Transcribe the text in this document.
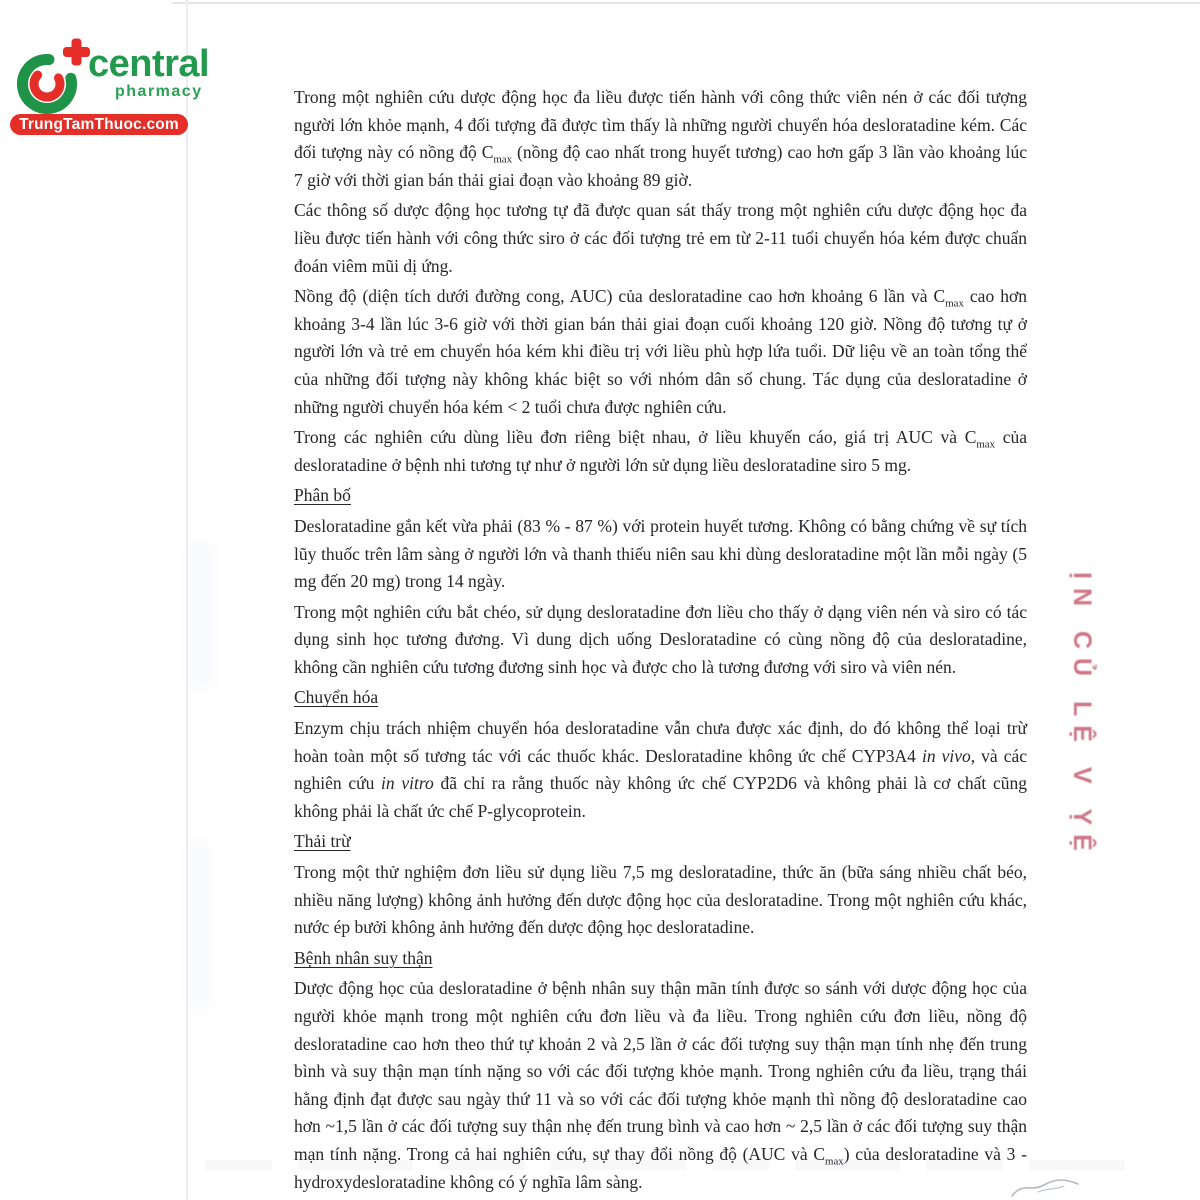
central
pharmacy
TrungTamThuoc.com
Trong một nghiên cứu dược động học đa liều được tiến hành với công thức viên nén ở các đối tượng người lớn khỏe mạnh, 4 đối tượng đã được tìm thấy là những người chuyển hóa desloratadine kém. Các đối tượng này có nồng độ $C_{max}$ (nồng độ cao nhất trong huyết tương) cao hơn gấp 3 lần vào khoảng lúc 7 giờ với thời gian bán thải giai đoạn vào khoảng 89 giờ.
Các thông số dược động học tương tự đã được quan sát thấy trong một nghiên cứu dược động học đa liều được tiến hành với công thức siro ở các đối tượng trẻ em từ 2-11 tuổi chuyển hóa kém được chuẩn đoán viêm mũi dị ứng.
Nồng độ (diện tích dưới đường cong, AUC) của desloratadine cao hơn khoảng 6 lần và $C_{max}$ cao hơn khoảng 3-4 lần lúc 3-6 giờ với thời gian bán thải giai đoạn cuối khoảng 120 giờ. Nồng độ tương tự ở người lớn và trẻ em chuyển hóa kém khi điều trị với liều phù hợp lứa tuổi. Dữ liệu về an toàn tổng thể của những đối tượng này không khác biệt so với nhóm dân số chung. Tác dụng của desloratadine ở những người chuyển hóa kém < 2 tuổi chưa được nghiên cứu.
Trong các nghiên cứu dùng liều đơn riêng biệt nhau, ở liều khuyến cáo, giá trị AUC và $C_{max}$ của desloratadine ở bệnh nhi tương tự như ở người lớn sử dụng liều desloratadine siro 5 mg.
Phân bố
Desloratadine gắn kết vừa phải (83 % - 87 %) với protein huyết tương. Không có bằng chứng về sự tích lũy thuốc trên lâm sàng ở người lớn và thanh thiếu niên sau khi dùng desloratadine một lần mỗi ngày (5 mg đến 20 mg) trong 14 ngày.
Trong một nghiên cứu bắt chéo, sử dụng desloratadine đơn liều cho thấy ở dạng viên nén và siro có tác dụng sinh học tương đương. Vì dung dịch uống Desloratadine có cùng nồng độ của desloratadine, không cần nghiên cứu tương đương sinh học và được cho là tương đương với siro và viên nén.
Chuyển hóa
Enzym chịu trách nhiệm chuyển hóa desloratadine vẫn chưa được xác định, do đó không thể loại trừ hoàn toàn một số tương tác với các thuốc khác. Desloratadine không ức chế CYP3A4 in vivo, và các nghiên cứu in vitro đã chỉ ra rằng thuốc này không ức chế CYP2D6 và không phải là cơ chất cũng không phải là chất ức chế P-glycoprotein.
Thải trừ
Trong một thử nghiệm đơn liều sử dụng liều 7,5 mg desloratadine, thức ăn (bữa sáng nhiều chất béo, nhiều năng lượng) không ảnh hưởng đến dược động học của desloratadine. Trong một nghiên cứu khác, nước ép bưởi không ảnh hưởng đến dược động học desloratadine.
Bệnh nhân suy thận
Dược động học của desloratadine ở bệnh nhân suy thận mãn tính được so sánh với dược động học của người khỏe mạnh trong một nghiên cứu đơn liều và đa liều. Trong nghiên cứu đơn liều, nồng độ desloratadine cao hơn theo thứ tự khoản 2 và 2,5 lần ở các đối tượng suy thận mạn tính nhẹ đến trung bình và suy thận mạn tính nặng so với các đối tượng khỏe mạnh. Trong nghiên cứu đa liều, trạng thái hằng định đạt được sau ngày thứ 11 và so với các đối tượng khỏe mạnh thì nồng độ desloratadine cao hơn ~1,5 lần ở các đối tượng suy thận nhẹ đến trung bình và cao hơn ~ 2,5 lần ở các đối tượng suy thận mạn tính nặng. Trong cả hai nghiên cứu, sự thay đổi nồng độ (AUC và $C_{max}$) của desloratadine và 3 -hydroxydesloratadine không có ý nghĩa lâm sàng.
ỊN CỦ LỆ V ỴỆ
